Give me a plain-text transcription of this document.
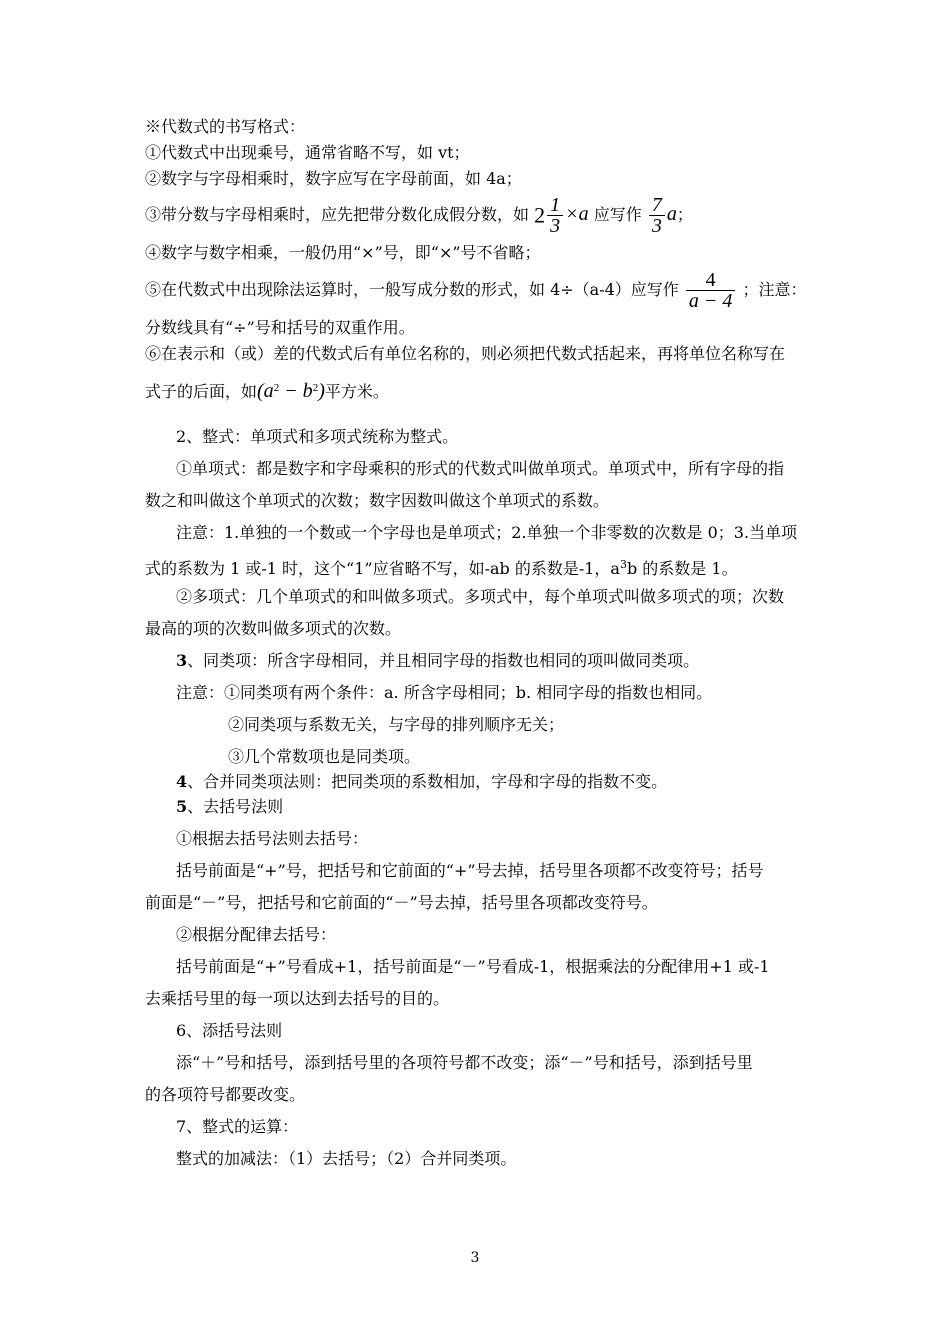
※代数式的书写格式：
①代数式中出现乘号，通常省略不写，如 vt；
②数字与字母相乘时，数字应写在字母前面，如 4a；
③带分数与字母相乘时，应先把带分数化成假分数，如 $2 \frac{1}{3} \times a$ 应写作 $\frac{7}{3}$ a；
④数字与数字相乘，一般仍用“×”号，即“×”号不省略；
⑤在代数式中出现除法运算时，一般写成分数的形式，如 4÷（a-4）应写作 $\frac{4}{a - 4}$ ；注意：
分数线具有“÷”号和括号的双重作用。
⑥在表示和（或）差的代数式后有单位名称的，则必须把代数式括起来，再将单位名称写在
式子的后面，如$(a^2 - b^2)$平方米。
2、整式：单项式和多项式统称为整式。
①单项式：都是数字和字母乘积的形式的代数式叫做单项式。单项式中，所有字母的指
数之和叫做这个单项式的次数；数字因数叫做这个单项式的系数。
注意：1.单独的一个数或一个字母也是单项式；2.单独一个非零数的次数是 0；3.当单项
式的系数为 1 或-1 时，这个“1”应省略不写，如-ab 的系数是-1，$a^3b$ 的系数是 1。
②多项式：几个单项式的和叫做多项式。多项式中，每个单项式叫做多项式的项；次数
最高的项的次数叫做多项式的次数。
3、同类项：所含字母相同，并且相同字母的指数也相同的项叫做同类项。
注意：①同类项有两个条件：a. 所含字母相同；b. 相同字母的指数也相同。
②同类项与系数无关，与字母的排列顺序无关；
③几个常数项也是同类项。
4、合并同类项法则：把同类项的系数相加，字母和字母的指数不变。
5、去括号法则
①根据去括号法则去括号：
括号前面是“+”号，把括号和它前面的“+”号去掉，括号里各项都不改变符号；括号
前面是“－”号，把括号和它前面的“－”号去掉，括号里各项都改变符号。
②根据分配律去括号：
括号前面是“+”号看成+1，括号前面是“－”号看成-1，根据乘法的分配律用+1 或-1
去乘括号里的每一项以达到去括号的目的。
6、添括号法则
添“＋”号和括号，添到括号里的各项符号都不改变；添“－”号和括号，添到括号里
的各项符号都要改变。
7、整式的运算：
整式的加减法：（1）去括号；（2）合并同类项。
3
